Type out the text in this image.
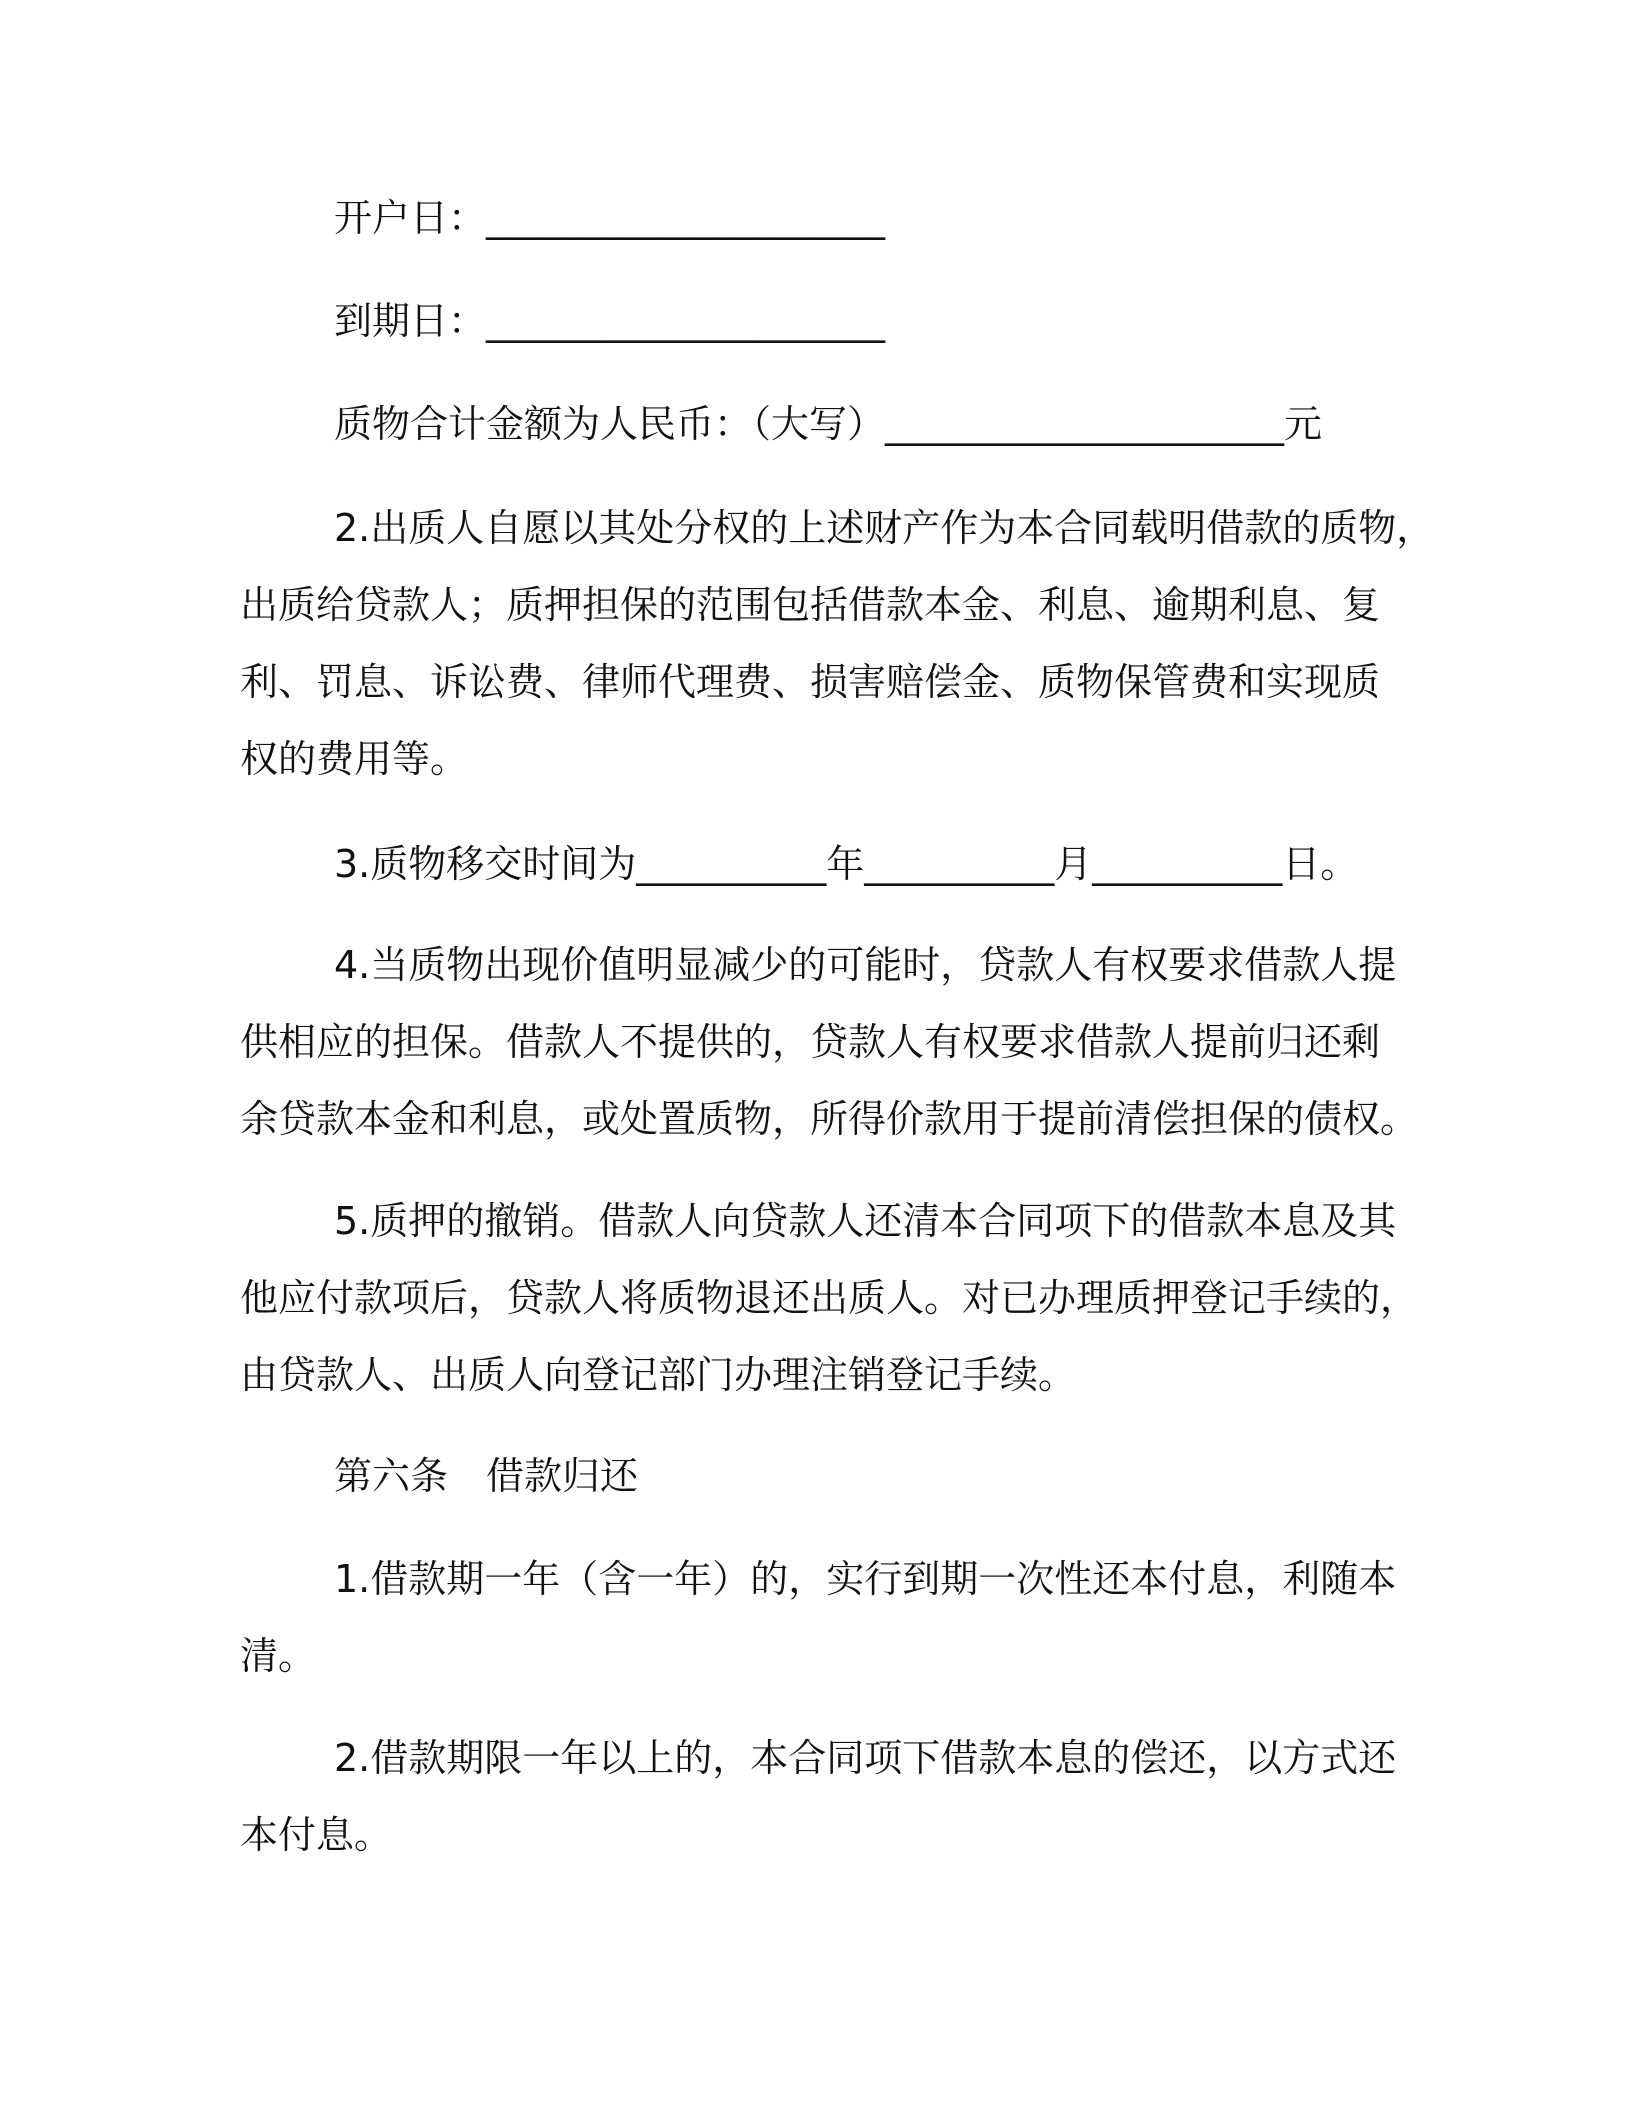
开户日：_____________________

到期日：_____________________

质物合计金额为人民币：（大写）_____________________元

2.出质人自愿以其处分权的上述财产作为本合同载明借款的质物，
出质给贷款人；质押担保的范围包括借款本金、利息、逾期利息、复
利、罚息、诉讼费、律师代理费、损害赔偿金、质物保管费和实现质
权的费用等。

3.质物移交时间为__________年__________月__________日。

4.当质物出现价值明显减少的可能时，贷款人有权要求借款人提
供相应的担保。借款人不提供的，贷款人有权要求借款人提前归还剩
余贷款本金和利息，或处置质物，所得价款用于提前清偿担保的债权。
5.质押的撤销。借款人向贷款人还清本合同项下的借款本息及其
他应付款项后，贷款人将质物退还出质人。对已办理质押登记手续的，
由贷款人、出质人向登记部门办理注销登记手续。

第六条　借款归还

1.借款期一年（含一年）的，实行到期一次性还本付息，利随本
清。
2.借款期限一年以上的，本合同项下借款本息的偿还，以方式还
本付息。
